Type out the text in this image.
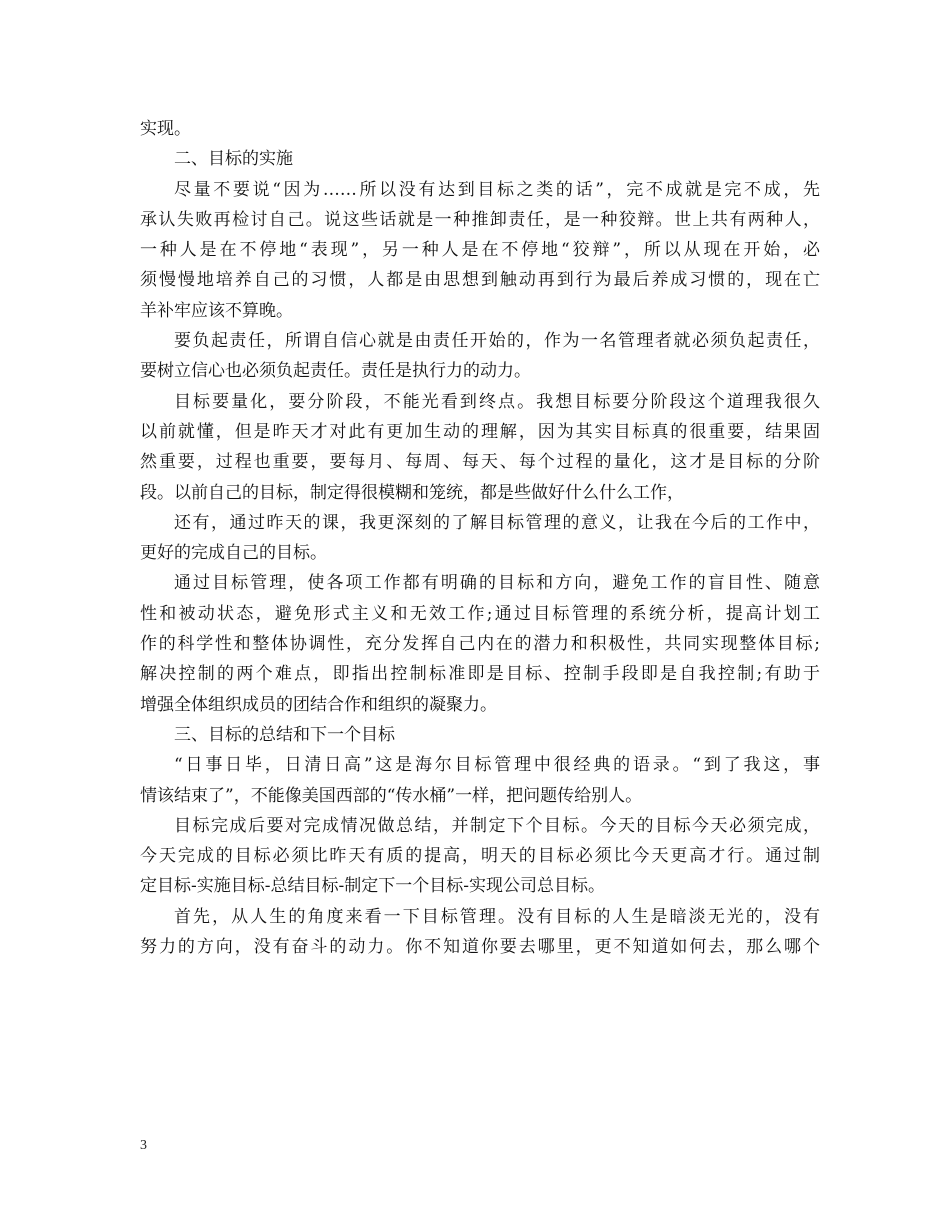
实现。
二、目标的实施
尽量不要说“因为……所以没有达到目标之类的话”，完不成就是完不成，先
承认失败再检讨自己。说这些话就是一种推卸责任，是一种狡辩。世上共有两种人，
一种人是在不停地“表现”，另一种人是在不停地“狡辩”，所以从现在开始，必
须慢慢地培养自己的习惯，人都是由思想到触动再到行为最后养成习惯的，现在亡
羊补牢应该不算晚。
要负起责任，所谓自信心就是由责任开始的，作为一名管理者就必须负起责任，
要树立信心也必须负起责任。责任是执行力的动力。
目标要量化，要分阶段，不能光看到终点。我想目标要分阶段这个道理我很久
以前就懂，但是昨天才对此有更加生动的理解，因为其实目标真的很重要，结果固
然重要，过程也重要，要每月、每周、每天、每个过程的量化，这才是目标的分阶
段。以前自己的目标，制定得很模糊和笼统，都是些做好什么什么工作，
还有，通过昨天的课，我更深刻的了解目标管理的意义，让我在今后的工作中，
更好的完成自己的目标。
通过目标管理，使各项工作都有明确的目标和方向，避免工作的盲目性、随意
性和被动状态，避免形式主义和无效工作;通过目标管理的系统分析，提高计划工
作的科学性和整体协调性，充分发挥自己内在的潜力和积极性，共同实现整体目标;
解决控制的两个难点，即指出控制标准即是目标、控制手段即是自我控制;有助于
增强全体组织成员的团结合作和组织的凝聚力。
三、目标的总结和下一个目标
“日事日毕，日清日高”这是海尔目标管理中很经典的语录。“到了我这，事
情该结束了”，不能像美国西部的“传水桶”一样，把问题传给别人。
目标完成后要对完成情况做总结，并制定下个目标。今天的目标今天必须完成，
今天完成的目标必须比昨天有质的提高，明天的目标必须比今天更高才行。通过制
定目标-实施目标-总结目标-制定下一个目标-实现公司总目标。
首先，从人生的角度来看一下目标管理。没有目标的人生是暗淡无光的，没有
努力的方向，没有奋斗的动力。你不知道你要去哪里，更不知道如何去，那么哪个
3
